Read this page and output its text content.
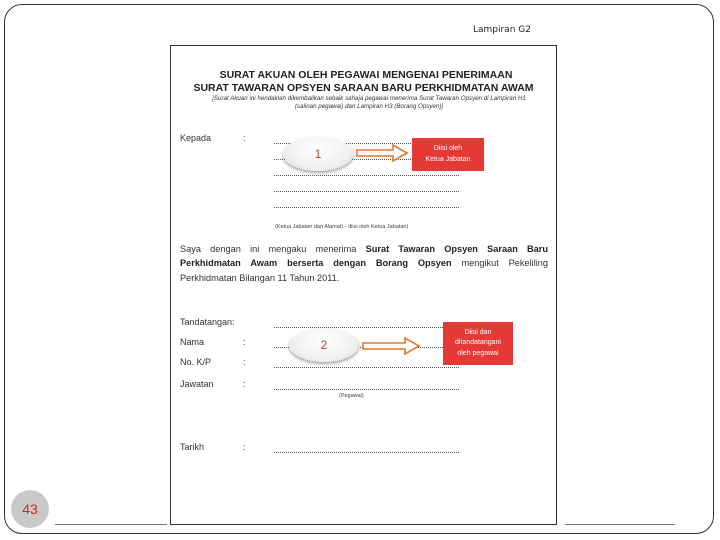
Lampiran G2
SURAT AKUAN OLEH PEGAWAI MENGENAI PENERIMAAN
SURAT TAWARAN OPSYEN SARAAN BARU PERKHIDMATAN AWAM
[Surat Akuan ini hendaklah dikembalikan sebaik sahaja pegawai menerima Surat Tawaran Opsyen di Lampiran H1 (salinan pegawai) dan Lampiran H3 (Borang Opsyen)]
Kepada	:
(Ketua Jabatan dan Alamat) - diisi oleh Ketua Jabatan)
Saya dengan ini mengaku menerima Surat Tawaran Opsyen Saraan Baru Perkhidmatan Awam berserta dengan Borang Opsyen mengikut Pekeliling Perkhidmatan Bilangan 11 Tahun 2011.
Tandatangan:
Nama	:
No. K/P	:
Jawatan	:
(Pegawai)
Tarikh	:
1	Diisi oleh
Ketua Jabatan
2
Diisi dan
ditandatangani
oleh pegawai
43
